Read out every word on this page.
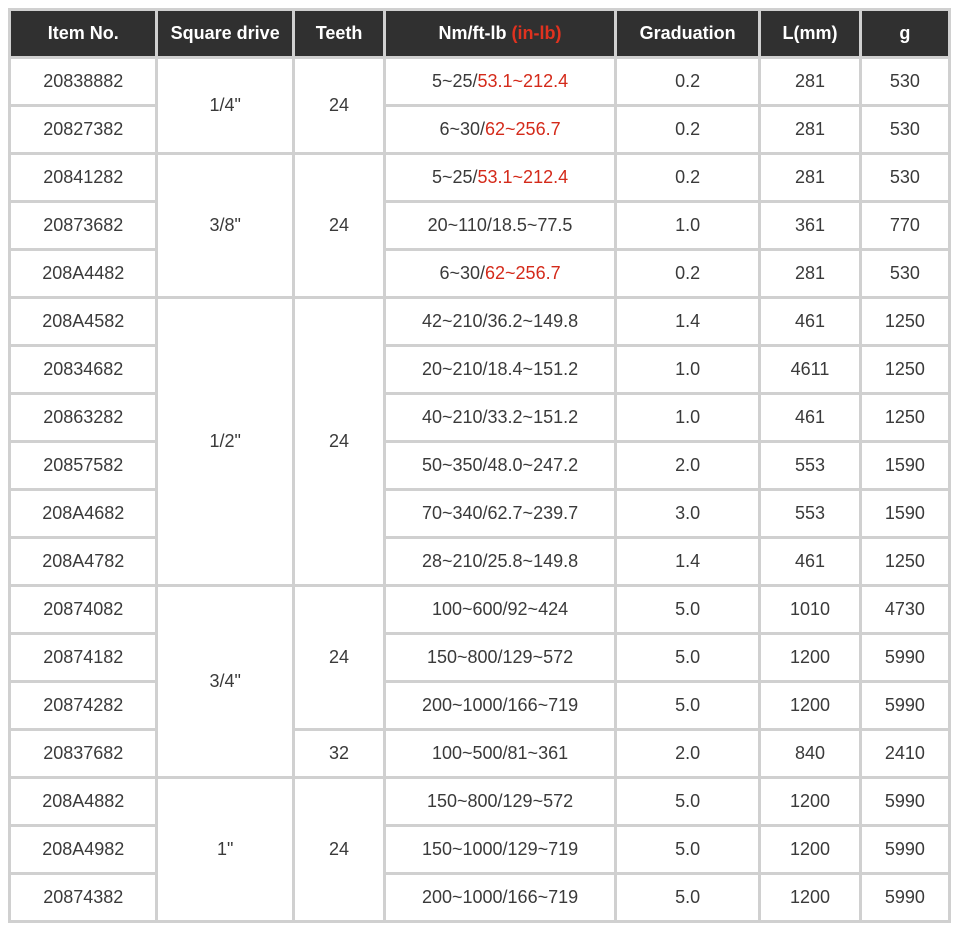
Item No.	Square drive	Teeth	Nm/ft-lb (in-lb)	Graduation	L(mm)	g
20838882	1/4"	24	5~25/53.1~212.4	0.2	281	530
20827382			6~30/62~256.7	0.2	281	530
20841282	3/8"	24	5~25/53.1~212.4	0.2	281	530
20873682			20~110/18.5~77.5	1.0	361	770
208A4482			6~30/62~256.7	0.2	281	530
208A4582	1/2"	24	42~210/36.2~149.8	1.4	461	1250
20834682			20~210/18.4~151.2	1.0	4611	1250
20863282			40~210/33.2~151.2	1.0	461	1250
20857582			50~350/48.0~247.2	2.0	553	1590
208A4682			70~340/62.7~239.7	3.0	553	1590
208A4782			28~210/25.8~149.8	1.4	461	1250
20874082	3/4"	24	100~600/92~424	5.0	1010	4730
20874182			150~800/129~572	5.0	1200	5990
20874282			200~1000/166~719	5.0	1200	5990
20837682		32	100~500/81~361	2.0	840	2410
208A4882	1"	24	150~800/129~572	5.0	1200	5990
208A4982			150~1000/129~719	5.0	1200	5990
20874382			200~1000/166~719	5.0	1200	5990
